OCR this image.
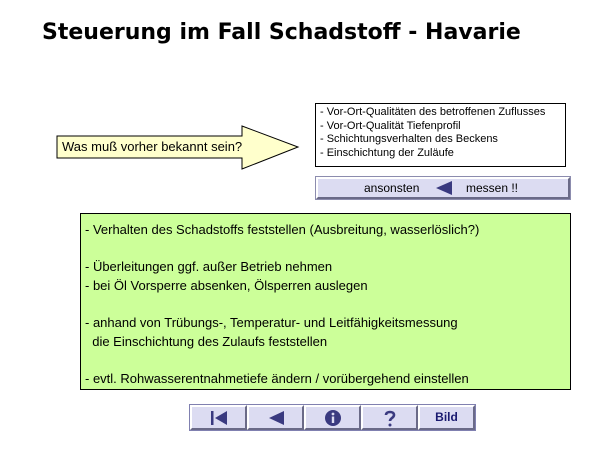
Steuerung im Fall Schadstoff - Havarie
Was muß vorher bekannt sein?
- Vor-Ort-Qualitäten des betroffenen Zuflusses
- Vor-Ort-Qualität Tiefenprofil
- Schichtungsverhalten des Beckens
- Einschichtung der Zuläufe
ansonsten	messen !!
- Verhalten des Schadstoffs feststellen (Ausbreitung, wasserlöslich?)
- Überleitungen ggf. außer Betrieb nehmen
- bei Öl Vorsperre absenken, Ölsperren auslegen
- anhand von Trübungs-, Temperatur- und Leitfähigkeitsmessung
die Einschichtung des Zulaufs feststellen
- evtl. Rohwasserentnahmetiefe ändern / vorübergehend einstellen
Bild
